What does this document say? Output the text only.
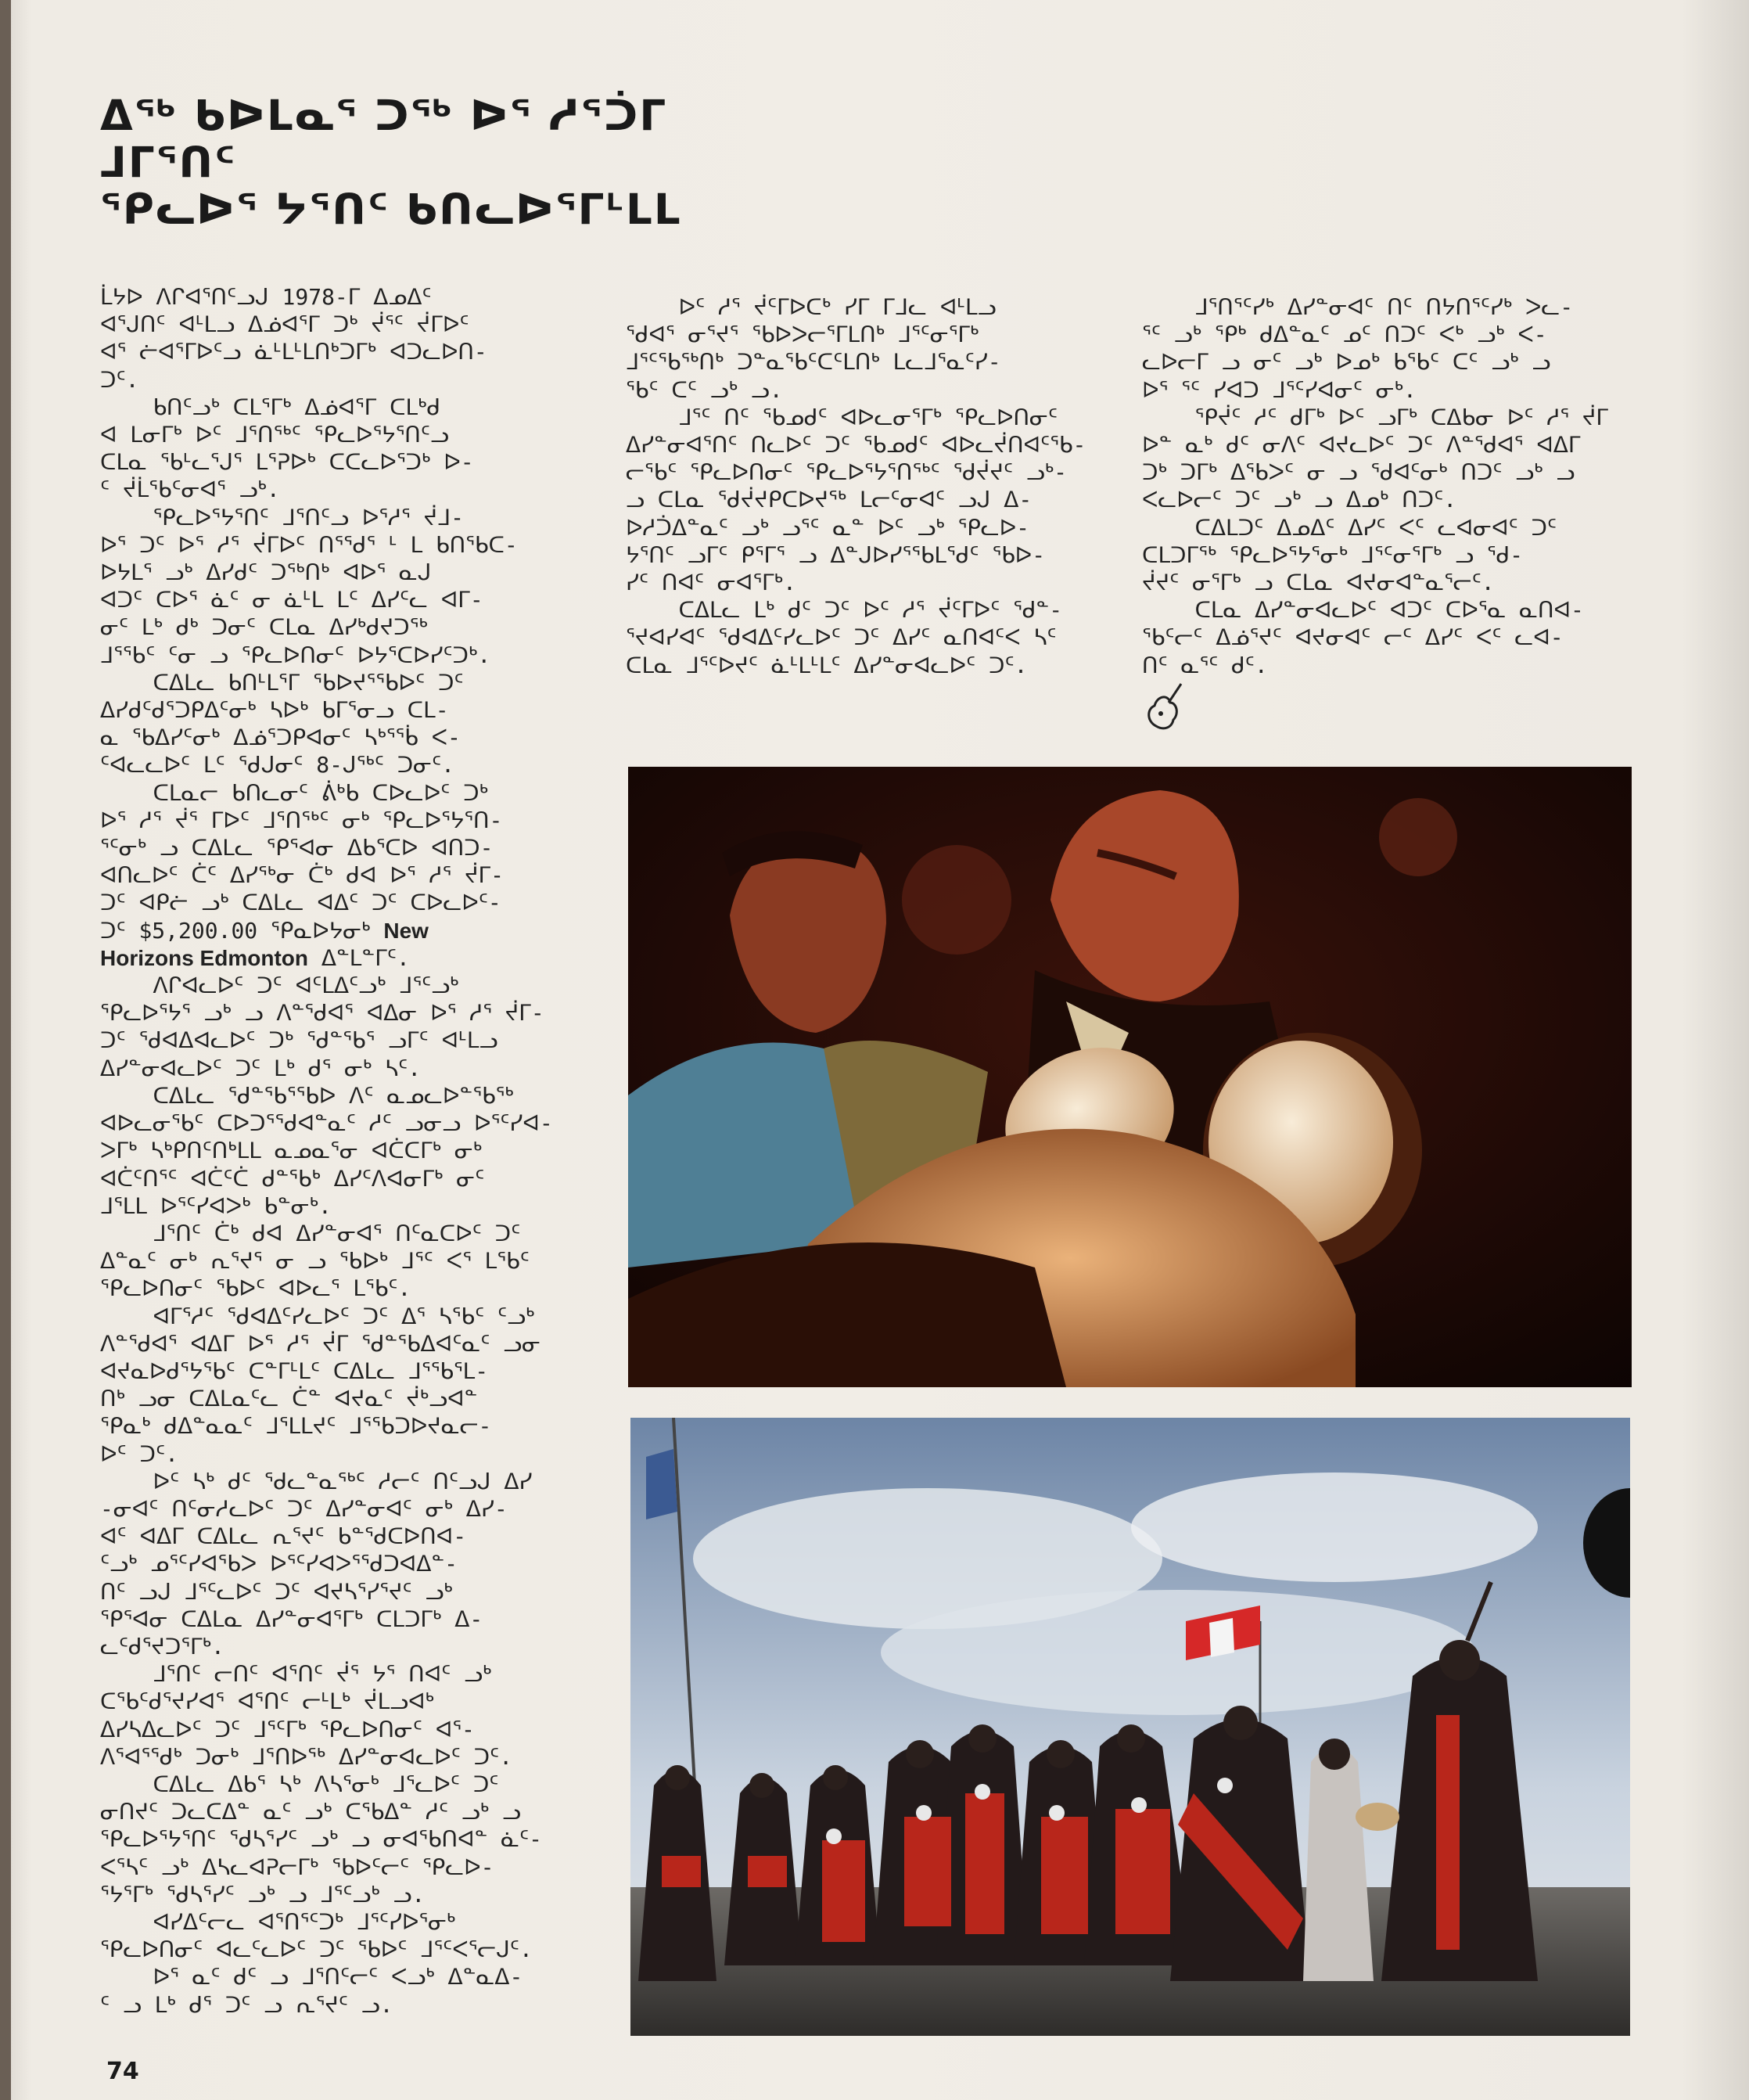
ᐃᖅ ᑲᐅᒪᓇᕐ ᑐᖅ ᐅᕐ ᓱᕐᑑᒥ ᒧᒥᕐᑎᑦ
ᕐᑭᓚᐅᕐ ᔭᕐᑎᑦ ᑲᑎᓚᐅᕐᒥᒻᒪᒪ
ᒫᔭᐅ ᐱᒋᐊᕐᑎᑦᓗᒍ 1978-ᒥ ᐃᓄᐃᑦ
ᐊᕐᒍᑎᑦ ᐊᒻᒪᓗ ᐃᓅᐊᕐᒥ ᑐᒃ ᔫᕐᑦ ᔫᒥᐅᑦ
ᐊᕐ ᓖᐊᕐᒥᐅᑦᓗ ᓈᒻᒪᒻᒪᑎᒃᑐᒥᒃ ᐊᑐᓚᐅᑎ-
ᑐᑦ.
ᑲᑎᑦᓗᒃ ᑕᒪᕐᒥᒃ ᐃᓅᐊᕐᒥ ᑕᒪᒃᑯ
ᐊ ᒪᓂᒥᒃ ᐅᑦ ᒧᕐᑎᖅᑦ ᕐᑭᓚᐅᕐᔭᕐᑎᑦᓗ
ᑕᒪᓇ ᖃᒻᓚᕐᒍᕐ ᒪᕐᕈᐅᒃ ᑕᑕᓚᐅᕐᑐᒃ ᐅ-
ᑦ ᔫᒫᖃᑦᓂᐊᕐ ᓗᒃ.
ᕐᑭᓚᐅᕐᔭᕐᑎᑦ ᒧᕐᑎᑦᓗ ᐅᕐᓱᕐ ᔫᒧ-
ᐅᕐ ᑐᑦ ᐅᕐ ᓱᕐ ᔫᒥᐅᑦ ᑎᕐᖁᕐ ᒻ ᒪ ᑲᑎᖃᑕ-
ᐅᔭᒪᕐ ᓗᒃ ᐃᓯᑯᑦ ᑐᖅᑎᒃ ᐊᐅᕐ ᓇᒍ
ᐊᑐᑦ ᑕᐅᕐ ᓈᑦ ᓂ ᓈᒻᒪ ᒪᑦ ᐃᓯᑦᓚ ᐊᒥ-
ᓂᑦ ᒪᒃ ᑯᒃ ᑐᓂᑦ ᑕᒪᓇ ᐃᓯᒃᑯᔪᑐᕐᒃ
ᒧᕐᖃᑦ ᑦᓂ ᓗ ᕐᑭᓚᐅᑎᓂᑦ ᐅᔭᕐᑕᐅᓯᑦᑐᒃ.
ᑕᐃᒪᓚ ᑲᑎᒻᒪᕐᒥ ᕐᑲᐅᔪᕐᖃᐅᑦ ᑐᑦ
ᐃᓯᑯᑦᑯᕐᑐᑭᐃᑦᓂᒃ ᓴᐅᒃ ᑲᒥᕐᓂᓗ ᑕᒪ-
ᓇ ᕐᑲᐃᓯᑦᓂᒃ ᐃᓅᕐᑐᑭᐊᓂᑦ ᓴᒃᕐᖄ ᐸ-
ᑦᐊᓚᓚᐅᑦ ᒪᑦ ᖁᒍᓂᑦ 8-ᒍᖅᑦ ᑐᓂᑦ.
ᑕᒪᓇᓕ ᑲᑎᓚᓂᑦ ᕖᒃᑲ ᑕᐅᓚᐅᑦ ᑐᒃ
ᐅᕐ ᓱᕐ ᔫᕐ ᒥᐅᑦ ᒧᕐᑎᖅᑦ ᓂᒃ ᕐᑭᓚᐅᕐᔭᕐᑎ-
ᕐᑦᓂᒃ ᓗ ᑕᐃᒪᓚ ᕿᕐᐊᓂ ᐃᑲᕐᑕᐅ ᐊᑎᑐ-
ᐊᑎᓚᐅᑦ ᑖᑦ ᐃᓯᖅᓂ ᑖᒃ ᑯᐊ ᐅᕐ ᓱᕐ ᔫᒥ-
ᑐᑦ ᐊᑭᓖ ᓗᒃ ᑕᐃᒪᓚ ᐊᐃᑦ ᑐᑦ ᑕᐅᓚᐅᑦ-
ᑐᑦ $5,200.00 ᕿᓇᐅᔭᓂᒃ New
Horizons Edmonton ᐃᓐᒪᓐᒥᑦ.
ᐱᒋᐊᓚᐅᑦ ᑐᑦ ᐊᑦᒪᐃᑦᓗᒃ ᒧᕐᑦᓗᒃ
ᕐᑭᓚᐅᕐᔭᕐ ᓗᒃ ᓗ ᐱᓐᖁᐊᕐ ᐊᐃᓂ ᐅᕐ ᓱᕐ ᔫᒥ-
ᑐᑦ ᖁᐊᐃᐊᓚᐅᑦ ᑐᒃ ᖁᓐᖃᕐ ᓗᒥᑦ ᐊᒻᒪᓗ
ᐃᓯᓐᓂᐊᓚᐅᑦ ᑐᑦ ᒪᒃ ᑯᕐ ᓂᒃ ᓴᑦ.
ᑕᐃᒪᓚ ᖁᓐᖃᕐᖃᐅ ᐱᑦ ᓇᓄᓚᐅᓐᖃᕐᒃ
ᐊᐅᓚᓂᖃᑦ ᑕᐅᑐᕐᖁᐊᓐᓇᑦ ᓱᑦ ᓗᓂᓗ ᐅᕐᑦᓯᐊ-
ᐳᒥᒃ ᓴᒃᑭᑎᑦᑎᒃᒪᒪ ᓇᓄᓇᕐᓂ ᐊᑖᑕᒥᒃ ᓂᒃ
ᐊᑖᑦᑎᕐᑦ ᐊᑖᑦᑖ ᑯᓐᖃᒃ ᐃᓯᑦᐱᐊᓂᒥᒃ ᓂᑦ
ᒧᕐᒪᒪ ᐅᕐᑦᓯᐊᐳᒃ ᑲᓐᓂᒃ.
ᒧᕐᑎᑦ ᑖᒃ ᑯᐊ ᐃᓯᓐᓂᐊᕐ ᑎᑦᓇᑕᐅᑦ ᑐᑦ
ᐃᓐᓇᑦ ᓂᒃ ᕆᕐᔪᕐ ᓂ ᓗ ᖃᐅᒃ ᒧᕐᑦ ᐸᕐ ᒪᖃᑦ
ᕐᑭᓚᐅᑎᓂᑦ ᖃᐅᑦ ᐊᐅᓚᕐ ᒪᖃᑦ.
ᐊᒥᕐᓱᑦ ᖁᐊᐃᑦᓯᓚᐅᑦ ᑐᑦ ᐃᕐ ᓴᖃᑦ ᑦᓗᒃ
ᐱᓐᖁᐊᕐ ᐊᐃᒥ ᐅᕐ ᓱᕐ ᔫᒥ ᖁᓐᖃᐃᐊᑦᓇᑦ ᓗᓂ
ᐊᔪᓇᐅᑯᕐᔭᖃᑦ ᑕᓐᒥᒻᒪᑦ ᑕᐃᒪᓚ ᒧᕐᖃᕐᒪ-
ᑎᒃ ᓗᓂ ᑕᐃᒪᓇᑦᓚ ᑖᓐ ᐊᔪᓇᑦ ᔫᒃᓗᐊᓐ
ᕿᓇᒃ ᑯᐃᓐᓇᓇᑦ ᒧᕐᒪᒪᔪᑦ ᒧᕐᖃᑐᐅᔪᓇᓕ-
ᐅᑦ ᑐᑦ.
ᐅᑦ ᓴᒃ ᑯᑦ ᖁᓚᓐᓇᖅᑦ ᓱᓕᑦ ᑎᑦᓗᒍ ᐃᓯ
-ᓂᐊᑦ ᑎᑦᓂᓱᓚᐅᑦ ᑐᑦ ᐃᓯᓐᓂᐊᑦ ᓂᒃ ᐃᓯ-
ᐊᑦ ᐊᐃᒥ ᑕᐃᒪᓚ ᕆᕐᔪᑦ ᑲᓐᖁᑕᐅᑎᐊ-
ᑦᓗᒃ ᓄᕐᑦᓯᐊᕐᑲᐳ ᐅᕐᑦᓯᐊᐳᕐᖁᑐᐊᐃᓐ-
ᑎᑦ ᓗᒍ ᒧᕐᑦᓚᐅᑦ ᑐᑦ ᐊᔪᓴᕐᓯᕐᔪᑦ ᓗᒃ
ᕿᕐᐊᓂ ᑕᐃᒪᓇ ᐃᓯᓐᓂᐊᕐᒥᒃ ᑕᒪᑐᒥᒃ ᐃ-
ᓚᑦᑯᕐᔪᑐᕐᒥᒃ.
ᒧᕐᑎᑦ ᓕᑎᑦ ᐊᕐᑎᑦ ᔫᕐ ᔭᕐ ᑎᐊᑦ ᓗᒃ
ᑕᖃᑦᑯᕐᔪᓯᐊᕐ ᐊᕐᑎᑦ ᓕᒻᒪᒃ ᔫᒪᓗᐊᒃ
ᐃᓯᓴᐃᓚᐅᑦ ᑐᑦ ᒧᕐᑦᒥᒃ ᕐᑭᓚᐅᑎᓂᑦ ᐊᕐ-
ᐱᕐᐊᕐᖁᒃ ᑐᓂᒃ ᒧᕐᑎᐅᕐᒃ ᐃᓯᓐᓂᐊᓚᐅᑦ ᑐᑦ.
ᑕᐃᒪᓚ ᐃᑲᕐ ᓴᒃ ᐱᓴᕐᓂᒃ ᒧᕐᓚᐅᑦ ᑐᑦ
ᓂᑎᔪᑦ ᑐᓚᑕᐃᓐ ᓇᑦ ᓗᒃ ᑕᖃᐃᓐ ᓱᑦ ᓗᒃ ᓗ
ᕐᑭᓚᐅᕐᔭᕐᑎᑦ ᖁᓴᕐᓯᑦ ᓗᒃ ᓗ ᓂᐊᖃᑎᐊᓐ ᓈᑦ-
ᐸᕐᓴᑦ ᓗᒃ ᐃᓴᓚᐊᕈᓕᒥᒃ ᖃᐅᑦᓕᑦ ᕐᑭᓚᐅ-
ᕐᔭᕐᒥᒃ ᖁᓴᕐᓯᑦ ᓗᒃ ᓗ ᒧᕐᑦᓗᒃ ᓗ.
ᐊᓯᐃᑦᓕᓚ ᐊᕐᑎᕐᑦᑐᒃ ᒧᕐᑦᓯᐅᕐᓂᒃ
ᕐᑭᓚᐅᑎᓂᑦ ᐊᓚᑦᓚᐅᑦ ᑐᑦ ᖃᐅᑦ ᒧᕐᑦᐸᕐᓕᒍᑦ.
ᐅᕐ ᓇᑦ ᑯᑦ ᓗ ᒧᕐᑎᑦᓕᑦ ᐸᓗᒃ ᐃᓐᓇᐃ-
ᑦ ᓗ ᒪᒃ ᑯᕐ ᑐᑦ ᓗ ᕆᕐᔪᑦ ᓗ.
ᐅᑦ ᓱᕐ ᔫᑦᒥᐅᑕᒃ ᓯᒥ ᒥᒧᓚ ᐊᒻᒪᓗ
ᖁᐊᕐ ᓂᕐᔪᕐ ᖃᐅᐳᓕᕐᒥᒪᑎᒃ ᒧᕐᑦᓂᕐᒥᒃ
ᒧᕐᑦᖃᕐᒃᑎᒃ ᑐᓐᓇᖃᑦᑕᑦᒪᑎᒃ ᒪᓚᒧᕐᓇᑦᓯ-
ᖃᑦ ᑕᑦ ᓗᒃ ᓗ.
ᒧᕐᑦ ᑎᑦ ᖃᓄᑯᑦ ᐊᐅᓚᓂᕐᒥᒃ ᕐᑭᓚᐅᑎᓂᑦ
ᐃᓯᓐᓂᐊᕐᑎᑦ ᑎᓚᐅᑦ ᑐᑦ ᖃᓄᑯᑦ ᐊᐅᓚᔫᑎᐊᑦᖃ-
ᓕᖃᑦ ᕐᑭᓚᐅᑎᓂᑦ ᕐᑭᓚᐅᕐᔭᕐᑎᖅᑦ ᖁᔫᔪᑦ ᓗᒃ-
ᓗ ᑕᒪᓇ ᖁᔫᔪᑭᑕᐅᔪᕐᒃ ᒪᓕᑦᓂᐊᑦ ᓗᒍ ᐃ-
ᐅᓱᑑᐃᓐᓇᑦ ᓗᒃ ᓗᕐᑦ ᓇᓐ ᐅᑦ ᓗᒃ ᕐᑭᓚᐅ-
ᔭᕐᑎᑦ ᓗᒥᑦ ᑭᕐᒥᕐ ᓗ ᐃᓐᒍᐅᓯᕐᖃᒪᖁᑦ ᖃᐅ-
ᓯᑦ ᑎᐊᑦ ᓂᐊᕐᒥᒃ.
ᑕᐃᒪᓚ ᒪᒃ ᑯᑦ ᑐᑦ ᐅᑦ ᓱᕐ ᔫᑦᒥᐅᑦ ᖁᓐ-
ᕐᔪᐊᓯᐊᑦ ᖁᐊᐃᑦᓯᓚᐅᑦ ᑐᑦ ᐃᓯᑦ ᓇᑎᐊᑦᐸ ᓴᑦ
ᑕᒪᓇ ᒧᕐᑦᐅᔪᑦ ᓈᒻᒪᒻᒪᑦ ᐃᓯᓐᓂᐊᓚᐅᑦ ᑐᑦ.
ᒧᕐᑎᕐᑦᓯᒃ ᐃᓯᓐᓂᐊᑦ ᑎᑦ ᑎᔭᑎᕐᑦᓯᒃ ᐳᓚ-
ᕐᑦ ᓗᒃ ᕿᒃ ᑯᐃᓐᓇᑦ ᓄᑦ ᑎᑐᑦ ᐸᒃ ᓗᒃ ᐸ-
ᓚᐅᓕᒥ ᓗ ᓂᑦ ᓗᒃ ᐅᓄᒃ ᑲᖃᑦ ᑕᑦ ᓗᒃ ᓗ
ᐅᕐ ᕐᑦ ᓯᐊᑐ ᒧᕐᑦᓯᐊᓂᑦ ᓂᒃ.
ᕿᔫᑦ ᓱᑦ ᑯᒥᒃ ᐅᑦ ᓗᒥᒃ ᑕᐃᑲᓂ ᐅᑦ ᓱᕐ ᔫᒥ
ᐅᓐ ᓇᒃ ᑯᑦ ᓂᐱᑦ ᐊᔪᓚᐅᑦ ᑐᑦ ᐱᓐᖁᐊᕐ ᐊᐃᒥ
ᑐᒃ ᑐᒥᒃ ᐃᕐᑲᐳᑦ ᓂ ᓗ ᖁᐊᑦᓂᒃ ᑎᑐᑦ ᓗᒃ ᓗ
ᐸᓚᐅᓕᑦ ᑐᑦ ᓗᒃ ᓗ ᐃᓄᒃ ᑎᑐᑦ.
ᑕᐃᒪᑐᑦ ᐃᓄᐃᑦ ᐃᓯᑦ ᐸᑦ ᓚᐊᓂᐊᑦ ᑐᑦ
ᑕᒪᑐᒥᖅ ᕐᑭᓚᐅᕐᔭᕐᓂᒃ ᒧᕐᑦᓂᕐᒥᒃ ᓗ ᖁ-
ᔫᔪᑦ ᓂᕐᒥᒃ ᓗ ᑕᒪᓇ ᐊᔪᓂᐊᓐᓇᕐᓕᑦ.
ᑕᒪᓇ ᐃᓯᓐᓂᐊᓚᐅᑦ ᐊᑐᑦ ᑕᐅᕐᓇ ᓇᑎᐊ-
ᖃᑦᓕᑦ ᐃᓅᕐᔪᑦ ᐊᔪᓂᐊᑦ ᓕᑦ ᐃᓯᑦ ᐸᑦ ᓚᐊ-
ᑎᑦ ᓇᕐᑦ ᑯᑦ.
74
